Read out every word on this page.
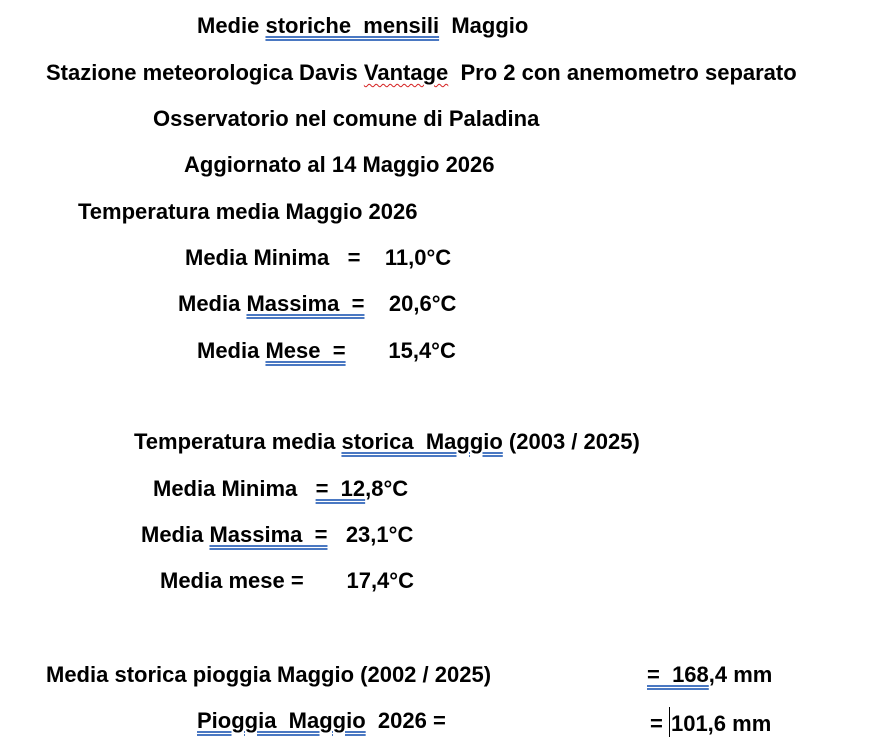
Medie storiche  mensili  Maggio
Stazione meteorologica Davis Vantage  Pro 2 con anemometro separato
Osservatorio nel comune di Paladina
Aggiornato al 14 Maggio 2026
Temperatura media Maggio 2026
Media Minima   =    11,0°C
Media Massima  =    20,6°C
Media Mese  =       15,4°C
Temperatura media storica  Maggio (2003 / 2025)
Media Minima   =  12,8°C
Media Massima  =   23,1°C
Media mese =       17,4°C
Media storica pioggia Maggio (2002 / 2025)	=  168,4 mm
Pioggia  Maggio  2026 =	= 101,6 mm
